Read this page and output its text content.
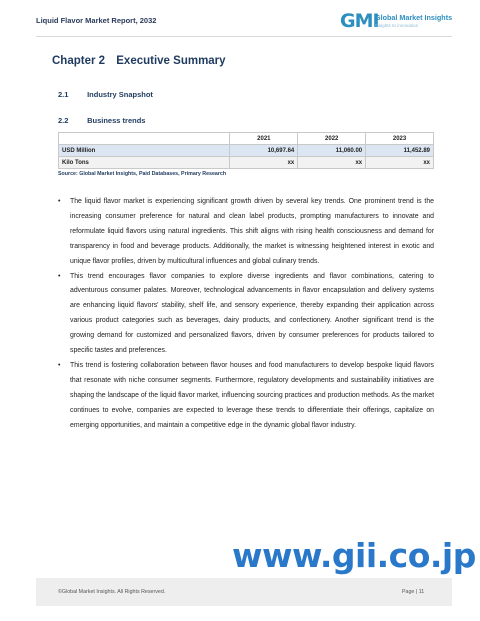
Liquid Flavor Market Report, 2032	GMI
Global Market Insights
Insights to innovation
Chapter 2 Executive Summary
2.1 Industry Snapshot
2.2 Business trends
	2021	2022	2023
USD Million	10,697.64	11,060.00	11,452.89
Kilo Tons	xx	xx	xx
Source: Global Market Insights, Paid Databases, Primary Research
• The liquid flavor market is experiencing significant growth driven by several key trends. One prominent trend is the increasing consumer preference for natural and clean label products, prompting manufacturers to innovate and reformulate liquid flavors using natural ingredients. This shift aligns with rising health consciousness and demand for transparency in food and beverage products. Additionally, the market is witnessing heightened interest in exotic and unique flavor profiles, driven by multicultural influences and global culinary trends.
• This trend encourages flavor companies to explore diverse ingredients and flavor combinations, catering to adventurous consumer palates. Moreover, technological advancements in flavor encapsulation and delivery systems are enhancing liquid flavors' stability, shelf life, and sensory experience, thereby expanding their application across various product categories such as beverages, dairy products, and confectionery. Another significant trend is the growing demand for customized and personalized flavors, driven by consumer preferences for products tailored to specific tastes and preferences.
• This trend is fostering collaboration between flavor houses and food manufacturers to develop bespoke liquid flavors that resonate with niche consumer segments. Furthermore, regulatory developments and sustainability initiatives are shaping the landscape of the liquid flavor market, influencing sourcing practices and production methods. As the market continues to evolve, companies are expected to leverage these trends to differentiate their offerings, capitalize on emerging opportunities, and maintain a competitive edge in the dynamic global flavor industry.
www.gii.co.jp
©Global Market Insights. All Rights Reserved.	Page | 11
